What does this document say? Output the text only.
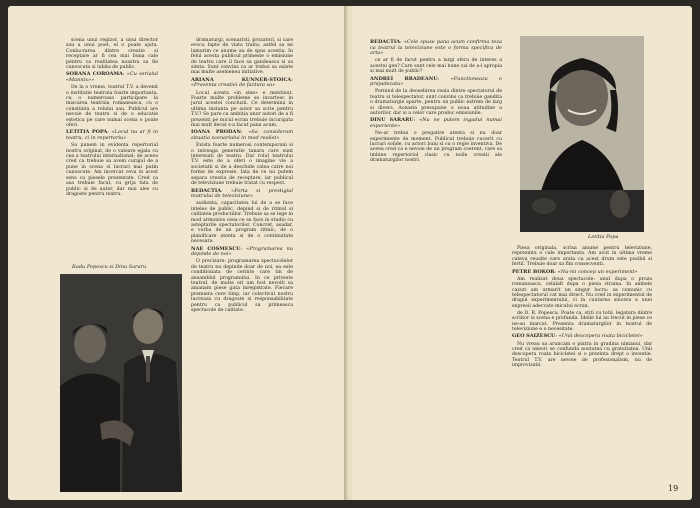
scena unui regizor, a unui director sau a unui poet, el o poate ajuta. Conlucrarea dintre creatie si receptare ar fi cea mai buna cale pentru ca realitatea noastra sa fie cunoscuta si iubita de public.

SORANA COROAMA: «Cu serialul «Mannix»»

De la o vreme, teatrul T.V. a devenit o institutie teatrala foarte importanta, cu o numeroasa participare la miscarea teatrala romaneasca, cu o constiinta a rolului sau. Publicul are nevoie de teatru si de o educatie estetica pe care numai scena o poate oferi.

LETITIA POPA: «Locul nu ar fi in teatru, ci in repertoriu»

Sa punem in evidenta repertoriul nostru original, de o valoare egala cu cea a teatrului international; de aceea cred ca trebuie sa avem curajul de a pune in scena si lucrari mai putin cunoscute. Am incercat ceva in acest sens cu piesele prezentate. Cred ca asa trebuie facut, cu grija fata de public si de autor, dar mai ales cu dragoste pentru teatru.

dramaturgi, scenaristi, prozatori, si care evoca fapte de viata traita; astfel sa ne lamurim ce anume au de spus acestia. In felul acesta publicul primeste o emisiune de teatru care il face sa gandeasca si sa simta. Sunt convins ca ar trebui sa existe mai multe asemenea initiative.

ARIANA KUNNER-STOICA: «Prezenta creatiei de factura sa»

Locul acesta «in sine» e mentinut. Foarte multe probleme se invartesc in jurul acestei concluzii. Ce determina in ultima instanta pe autor sa scrie pentru T.V.? Se pare ca ambitia unor autori de a fi prezenti pe micul ecran trebuie incurajata mai mult decat s-a facut pana acum.

IOANA PRODAN: «Sa consideram situatia scenariului in mod realist»

Exista foarte numerosi contemporani si o intreaga generatie tanara care sunt interesati de teatru. Dar rolul teatrului T.V. este de a oferi o imagine vie a societatii si de a deschide calea catre noi forme de expresie. Iata de ce nu putem separa creatia de receptare, iar publicul de televiziune trebuie tratat cu respect.

REDACTIA: «Forta si prestigiul teatrului de televiziune»

audienta, capacitatea lui de a se face inteles de public, depind si de ritmul si calitatea productiilor. Trebuie sa se lege in mod armonios ceea ce se face in studio cu asteptarile spectatorilor. Concret, asadar, e vorba de un program ritmic, de o planificare atenta si de o continuitate necesara.

NAE COSMESCU: «Programarea nu depinde de noi»

O precizare: programarea spectacolelor de teatru nu depinde doar de noi, ea este conditionata de cerinte care tin de ansamblul programului. In ce priveste teatrul, de multe ori am fost nevoiti sa amanam piese gata inregistrate. Fiecare premiera cere timp, iar colectivul nostru lucreaza cu dragoste si responsabilitate pentru ca publicul sa primeasca spectacole de calitate.

Radu Popescu si Dinu Sararu
REDACTIA: «Cele spuse pana acum confirma teza ca teatrul la televiziune este o forma specifica de arta»

ce ar fi de facut pentru a largi sfera de interes a acestui gen? Care sunt cele mai bune cai de a-l apropia si mai mult de public?

ANDREI BRADEANU: «Functioneaza o prejudecata»

Pornind de la deosebirea reala dintre spectatorul de teatru si telespectator, sunt convins ca trebuie gandita o dramaturgie aparte, pentru un public extrem de larg si divers. Aceasta presupune o noua atitudine a autorilor, dar si a celor care produc emisiunile.

DINU SARARU: «Nu ne putem ingadui numai experiente»

Ne-ar trebui o pregatire atenta si nu doar experimente de moment. Publicul trebuie cucerit cu lucrari solide, cu actori buni si cu o regie inventiva. De aceea cred ca e nevoie de un program coerent, care sa imbine repertoriul clasic cu noile creatii ale dramaturgilor nostri.

Letitia Popa

Piesa originala, scrisa anume pentru televiziune, reprezinta o cale importanta. Am avut in ultima vreme cateva reusite care arata ca acest drum este posibil si fertil. Trebuie doar sa fim consecventi.

PETRE BOKOR: «Nu-mi concep un experiment»

Am realizat doua spectacole: unul dupa o proza romaneasca, celalalt dupa o piesa straina. In ambele cazuri am urmarit un singur lucru: sa comunic cu telespectatorul cat mai direct. Nu cred in experimentul de dragul experimentului, ci in cautarea sincera a unei expresii adecvate micului ecran.

de D. R. Popescu. Poate ca, stiti cu totii, legatura dintre scriitor si scena e profunda. Ideile lui au trecut in piese ce ne-au marcat. Prezenta dramaturgilor in teatrul de televiziune e o necesitate.

GEO SAIZESCU: «Unii descopera roata bicicletei»

Nu vreau sa aruncam o piatra in gradina nimanui, dar cred ca uneori se confunda noutatea cu gratuitatea. Unii descopera roata bicicletei si o prezinta drept o inventie. Teatrul T.V. are nevoie de profesionalism, nu de improvizatii.

19
